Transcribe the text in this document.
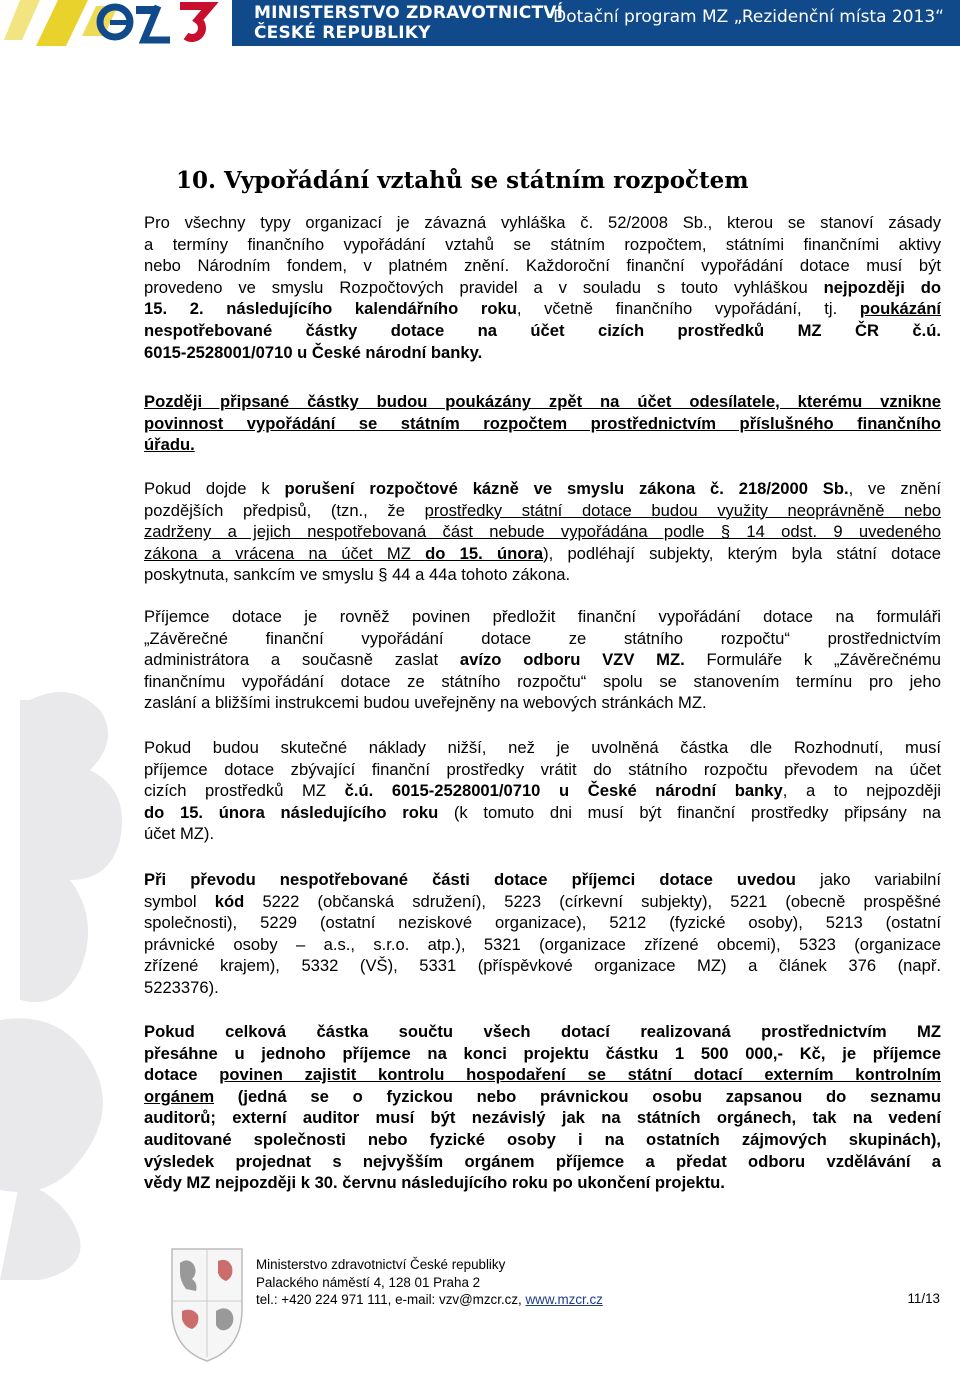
MINISTERSTVO ZDRAVOTNICTVÍ
ČESKÉ REPUBLIKY
Dotační program MZ „Rezidenční místa 2013“
10. Vypořádání vztahů se státním rozpočtem

Pro všechny typy organizací je závazná vyhláška č. 52/2008 Sb., kterou se stanoví zásady
a termíny finančního vypořádání vztahů se státním rozpočtem, státními finančními aktivy
nebo Národním fondem, v platném znění. Každoroční finanční vypořádání dotace musí být
provedeno ve smyslu Rozpočtových pravidel a v souladu s touto vyhláškou nejpozději do
15. 2. následujícího kalendářního roku, včetně finančního vypořádání, tj. poukázání
nespotřebované částky dotace na účet cizích prostředků MZ ČR č.ú.
6015-2528001/0710 u České národní banky.

Později připsané částky budou poukázány zpět na účet odesílatele, kterému vznikne
povinnost vypořádání se státním rozpočtem prostřednictvím příslušného finančního
úřadu.

Pokud dojde k porušení rozpočtové kázně ve smyslu zákona č. 218/2000 Sb., ve znění
pozdějších předpisů, (tzn., že prostředky státní dotace budou využity neoprávněně nebo
zadrženy a jejich nespotřebovaná část nebude vypořádána podle § 14 odst. 9 uvedeného
zákona a vrácena na účet MZ do 15. února), podléhají subjekty, kterým byla státní dotace
poskytnuta, sankcím ve smyslu § 44 a 44a tohoto zákona.

Příjemce dotace je rovněž povinen předložit finanční vypořádání dotace na formuláři
„Závěrečné finanční vypořádání dotace ze státního rozpočtu“ prostřednictvím
administrátora a současně zaslat avízo odboru VZV MZ. Formuláře k „Závěrečnému
finančnímu vypořádání dotace ze státního rozpočtu“ spolu se stanovením termínu pro jeho
zaslání a bližšími instrukcemi budou uveřejněny na webových stránkách MZ.

Pokud budou skutečné náklady nižší, než je uvolněná částka dle Rozhodnutí, musí
příjemce dotace zbývající finanční prostředky vrátit do státního rozpočtu převodem na účet
cizích prostředků MZ č.ú. 6015-2528001/0710 u České národní banky, a to nejpozději
do 15. února následujícího roku (k tomuto dni musí být finanční prostředky připsány na
účet MZ).

Při převodu nespotřebované části dotace příjemci dotace uvedou jako variabilní
symbol kód 5222 (občanská sdružení), 5223 (církevní subjekty), 5221 (obecně prospěšné
společnosti), 5229 (ostatní neziskové organizace), 5212 (fyzické osoby), 5213 (ostatní
právnické osoby – a.s., s.r.o. atp.), 5321 (organizace zřízené obcemi), 5323 (organizace
zřízené krajem), 5332 (VŠ), 5331 (příspěvkové organizace MZ) a článek 376 (např.
5223376).

Pokud celková částka součtu všech dotací realizovaná prostřednictvím MZ
přesáhne u jednoho příjemce na konci projektu částku 1 500 000,- Kč, je příjemce
dotace povinen zajistit kontrolu hospodaření se státní dotací externím kontrolním
orgánem (jedná se o fyzickou nebo právnickou osobu zapsanou do seznamu
auditorů; externí auditor musí být nezávislý jak na státních orgánech, tak na vedení
auditované společnosti nebo fyzické osoby i na ostatních zájmových skupinách),
výsledek projednat s nejvyšším orgánem příjemce a předat odboru vzdělávání a
vědy MZ nejpozději k 30. červnu následujícího roku po ukončení projektu.

Ministerstvo zdravotnictví České republiky
Palackého náměstí 4, 128 01 Praha 2
tel.: +420 224 971 111, e-mail: vzv@mzcr.cz, www.mzcr.cz	11/13
